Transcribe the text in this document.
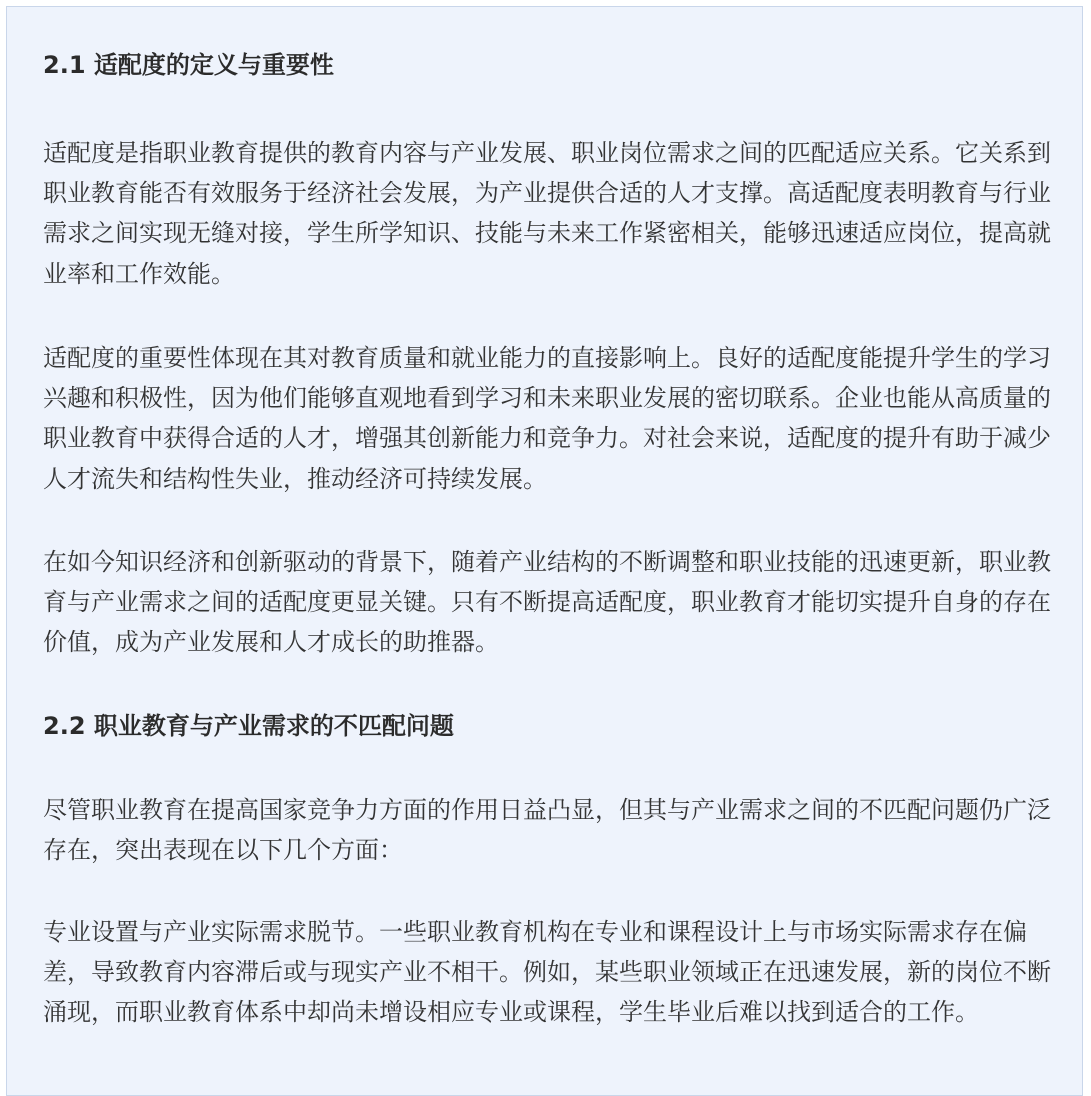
2.1 适配度的定义与重要性

适配度是指职业教育提供的教育内容与产业发展、职业岗位需求之间的匹配适应关系。它关系到职业教育能否有效服务于经济社会发展，为产业提供合适的人才支撑。高适配度表明教育与行业需求之间实现无缝对接，学生所学知识、技能与未来工作紧密相关，能够迅速适应岗位，提高就业率和工作效能。

适配度的重要性体现在其对教育质量和就业能力的直接影响上。良好的适配度能提升学生的学习兴趣和积极性，因为他们能够直观地看到学习和未来职业发展的密切联系。企业也能从高质量的职业教育中获得合适的人才，增强其创新能力和竞争力。对社会来说，适配度的提升有助于减少人才流失和结构性失业，推动经济可持续发展。

在如今知识经济和创新驱动的背景下，随着产业结构的不断调整和职业技能的迅速更新，职业教育与产业需求之间的适配度更显关键。只有不断提高适配度，职业教育才能切实提升自身的存在价值，成为产业发展和人才成长的助推器。

2.2 职业教育与产业需求的不匹配问题

尽管职业教育在提高国家竞争力方面的作用日益凸显，但其与产业需求之间的不匹配问题仍广泛存在，突出表现在以下几个方面：

专业设置与产业实际需求脱节。一些职业教育机构在专业和课程设计上与市场实际需求存在偏差，导致教育内容滞后或与现实产业不相干。例如，某些职业领域正在迅速发展，新的岗位不断涌现，而职业教育体系中却尚未增设相应专业或课程，学生毕业后难以找到适合的工作。
